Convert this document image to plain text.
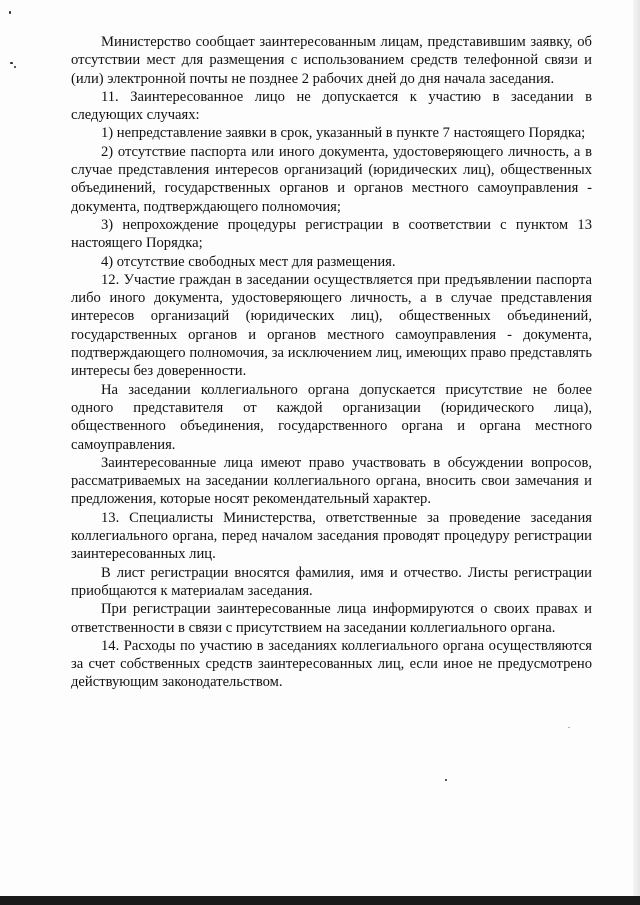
Министерство сообщает заинтересованным лицам, представившим заявку, об отсутствии мест для размещения с использованием средств телефонной связи и (или) электронной почты не позднее 2 рабочих дней до дня начала заседания.

11. Заинтересованное лицо не допускается к участию в заседании в следующих случаях:

1) непредставление заявки в срок, указанный в пункте 7 настоящего Порядка;

2) отсутствие паспорта или иного документа, удостоверяющего личность, а в случае представления интересов организаций (юридических лиц), общественных объединений, государственных органов и органов местного самоуправления - документа, подтверждающего полномочия;

3) непрохождение процедуры регистрации в соответствии с пунктом 13 настоящего Порядка;

4) отсутствие свободных мест для размещения.

12. Участие граждан в заседании осуществляется при предъявлении паспорта либо иного документа, удостоверяющего личность, а в случае представления интересов организаций (юридических лиц), общественных объединений, государственных органов и органов местного самоуправления - документа, подтверждающего полномочия, за исключением лиц, имеющих право представлять интересы без доверенности.

На заседании коллегиального органа допускается присутствие не более одного представителя от каждой организации (юридического лица), общественного объединения, государственного органа и органа местного самоуправления.

Заинтересованные лица имеют право участвовать в обсуждении вопросов, рассматриваемых на заседании коллегиального органа, вносить свои замечания и предложения, которые носят рекомендательный характер.

13. Специалисты Министерства, ответственные за проведение заседания коллегиального органа, перед началом заседания проводят процедуру регистрации заинтересованных лиц.

В лист регистрации вносятся фамилия, имя и отчество. Листы регистрации приобщаются к материалам заседания.

При регистрации заинтересованные лица информируются о своих правах и ответственности в связи с присутствием на заседании коллегиального органа.

14. Расходы по участию в заседаниях коллегиального органа осуществляются за счет собственных средств заинтересованных лиц, если иное не предусмотрено действующим законодательством.
